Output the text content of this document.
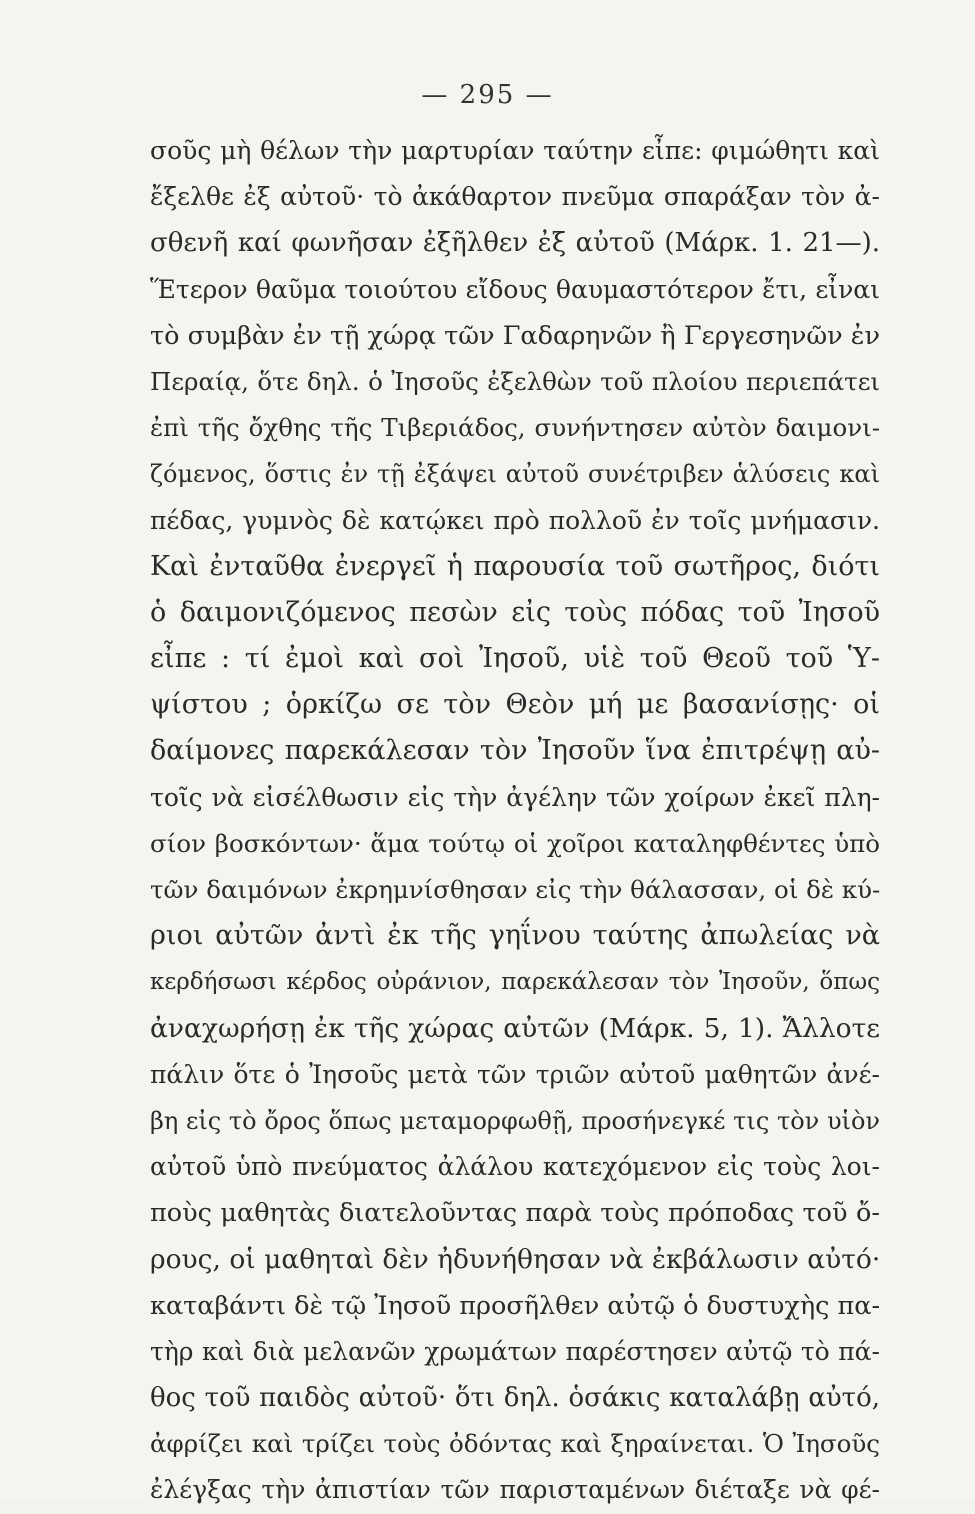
— 295 —
σοῦς μὴ θέλων τὴν μαρτυρίαν ταύτην εἶπε: φιμώθητι καὶ
ἔξελθε ἐξ αὐτοῦ· τὸ ἀκάθαρτον πνεῦμα σπαράξαν τὸν ἀ-
σθενῆ καί φωνῆσαν ἐξῆλθεν ἐξ αὐτοῦ (Μάρκ. 1. 21—).
Ἕτερον θαῦμα τοιούτου εἴδους θαυμαστότερον ἔτι, εἶναι
τὸ συμβὰν ἐν τῇ χώρᾳ τῶν Γαδαρηνῶν ἢ Γεργεσηνῶν ἐν
Περαίᾳ, ὅτε δηλ. ὁ Ἰησοῦς ἐξελθὼν τοῦ πλοίου περιεπάτει
ἐπὶ τῆς ὄχθης τῆς Τιβεριάδος, συνήντησεν αὐτὸν δαιμονι-
ζόμενος, ὅστις ἐν τῇ ἐξάψει αὐτοῦ συνέτριβεν ἁλύσεις καὶ
πέδας, γυμνὸς δὲ κατῴκει πρὸ πολλοῦ ἐν τοῖς μνήμασιν.
Καὶ ἐνταῦθα ἐνεργεῖ ἡ παρουσία τοῦ σωτῆρος, διότι
ὁ δαιμονιζόμενος πεσὼν εἰς τοὺς πόδας τοῦ Ἰησοῦ
εἶπε : τί ἐμοὶ καὶ σοὶ Ἰησοῦ, υἱὲ τοῦ Θεοῦ τοῦ Ὑ-
ψίστου ; ὁρκίζω σε τὸν Θεὸν μή με βασανίσῃς· οἱ
δαίμονες παρεκάλεσαν τὸν Ἰησοῦν ἵνα ἐπιτρέψῃ αὐ-
τοῖς νὰ εἰσέλθωσιν εἰς τὴν ἀγέλην τῶν χοίρων ἐκεῖ πλη-
σίον βοσκόντων· ἅμα τούτῳ οἱ χοῖροι καταληφθέντες ὑπὸ
τῶν δαιμόνων ἐκρημνίσθησαν εἰς τὴν θάλασσαν, οἱ δὲ κύ-
ριοι αὐτῶν ἀντὶ ἐκ τῆς γηΐνου ταύτης ἀπωλείας νὰ
κερδήσωσι κέρδος οὐράνιον, παρεκάλεσαν τὸν Ἰησοῦν, ὅπως
ἀναχωρήσῃ ἐκ τῆς χώρας αὐτῶν (Μάρκ. 5, 1). Ἄλλοτε
πάλιν ὅτε ὁ Ἰησοῦς μετὰ τῶν τριῶν αὐτοῦ μαθητῶν ἀνέ-
βη εἰς τὸ ὄρος ὅπως μεταμορφωθῇ, προσήνεγκέ τις τὸν υἱὸν
αὐτοῦ ὑπὸ πνεύματος ἀλάλου κατεχόμενον εἰς τοὺς λοι-
ποὺς μαθητὰς διατελοῦντας παρὰ τοὺς πρόποδας τοῦ ὄ-
ρους, οἱ μαθηταὶ δὲν ἠδυνήθησαν νὰ ἐκβάλωσιν αὐτό·
καταβάντι δὲ τῷ Ἰησοῦ προσῆλθεν αὐτῷ ὁ δυστυχὴς πα-
τὴρ καὶ διὰ μελανῶν χρωμάτων παρέστησεν αὐτῷ τὸ πά-
θος τοῦ παιδὸς αὐτοῦ· ὅτι δηλ. ὁσάκις καταλάβῃ αὐτό,
ἀφρίζει καὶ τρίζει τοὺς ὀδόντας καὶ ξηραίνεται. Ὁ Ἰησοῦς
ἐλέγξας τὴν ἀπιστίαν τῶν παρισταμένων διέταξε νὰ φέ-
